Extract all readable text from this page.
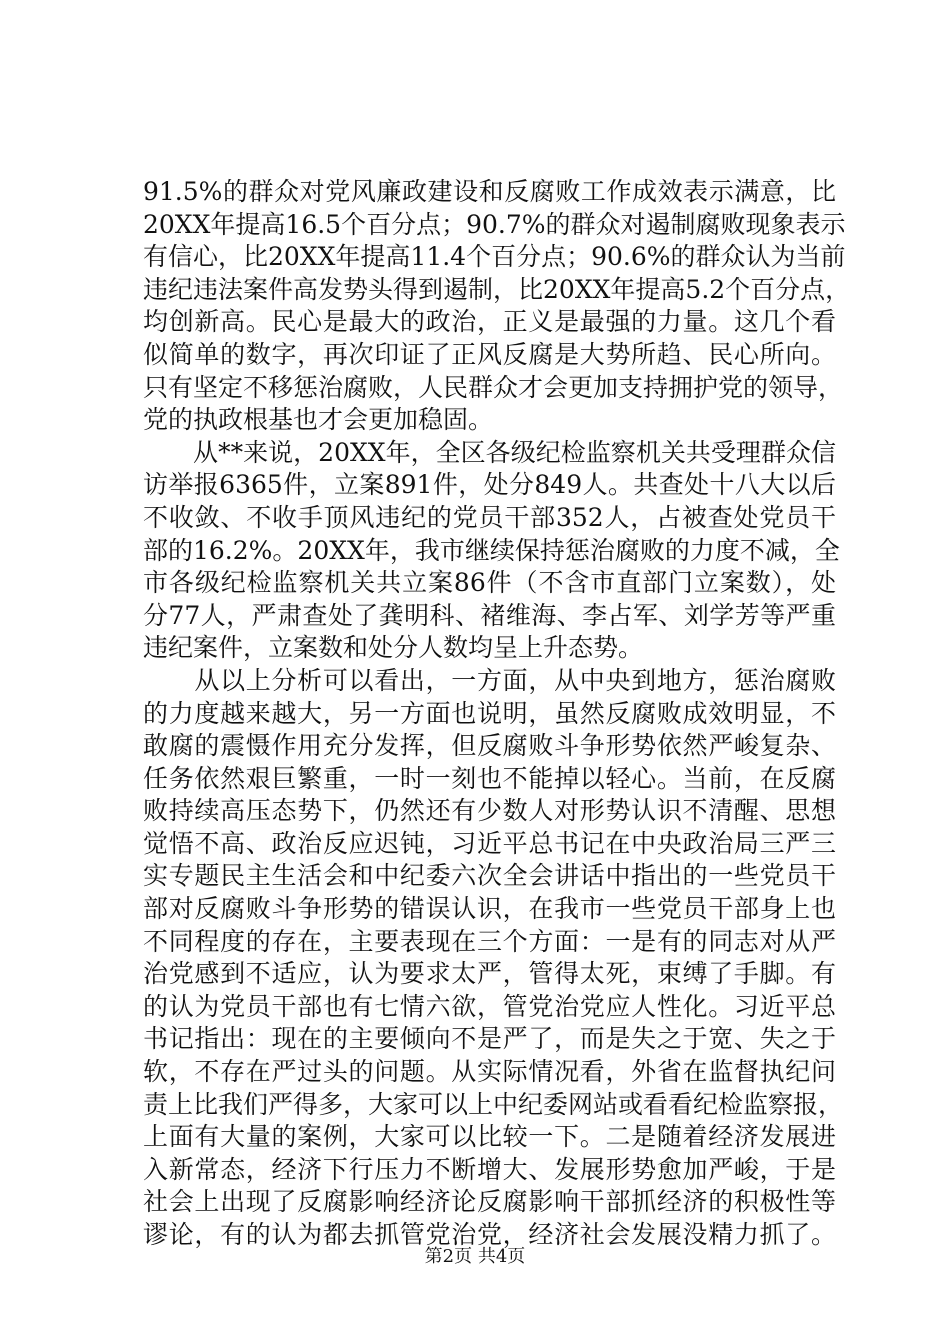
91.5%的群众对党风廉政建设和反腐败工作成效表示满意，比
20XX年提高16.5个百分点；90.7%的群众对遏制腐败现象表示
有信心，比20XX年提高11.4个百分点；90.6%的群众认为当前
违纪违法案件高发势头得到遏制，比20XX年提高5.2个百分点，
均创新高。民心是最大的政治，正义是最强的力量。这几个看
似简单的数字，再次印证了正风反腐是大势所趋、民心所向。
只有坚定不移惩治腐败，人民群众才会更加支持拥护党的领导，
党的执政根基也才会更加稳固。
　　从**来说，20XX年，全区各级纪检监察机关共受理群众信
访举报6365件，立案891件，处分849人。共查处十八大以后
不收敛、不收手顶风违纪的党员干部352人，占被查处党员干
部的16.2%。20XX年，我市继续保持惩治腐败的力度不减，全
市各级纪检监察机关共立案86件（不含市直部门立案数），处
分77人，严肃查处了龚明科、褚维海、李占军、刘学芳等严重
违纪案件，立案数和处分人数均呈上升态势。
　　从以上分析可以看出，一方面，从中央到地方，惩治腐败
的力度越来越大，另一方面也说明，虽然反腐败成效明显，不
敢腐的震慑作用充分发挥，但反腐败斗争形势依然严峻复杂、
任务依然艰巨繁重，一时一刻也不能掉以轻心。当前，在反腐
败持续高压态势下，仍然还有少数人对形势认识不清醒、思想
觉悟不高、政治反应迟钝，习近平总书记在中央政治局三严三
实专题民主生活会和中纪委六次全会讲话中指出的一些党员干
部对反腐败斗争形势的错误认识，在我市一些党员干部身上也
不同程度的存在，主要表现在三个方面：一是有的同志对从严
治党感到不适应，认为要求太严，管得太死，束缚了手脚。有
的认为党员干部也有七情六欲，管党治党应人性化。习近平总
书记指出：现在的主要倾向不是严了，而是失之于宽、失之于
软，不存在严过头的问题。从实际情况看，外省在监督执纪问
责上比我们严得多，大家可以上中纪委网站或看看纪检监察报，
上面有大量的案例，大家可以比较一下。二是随着经济发展进
入新常态，经济下行压力不断增大、发展形势愈加严峻，于是
社会上出现了反腐影响经济论反腐影响干部抓经济的积极性等
谬论，有的认为都去抓管党治党，经济社会发展没精力抓了。
第2页 共4页
